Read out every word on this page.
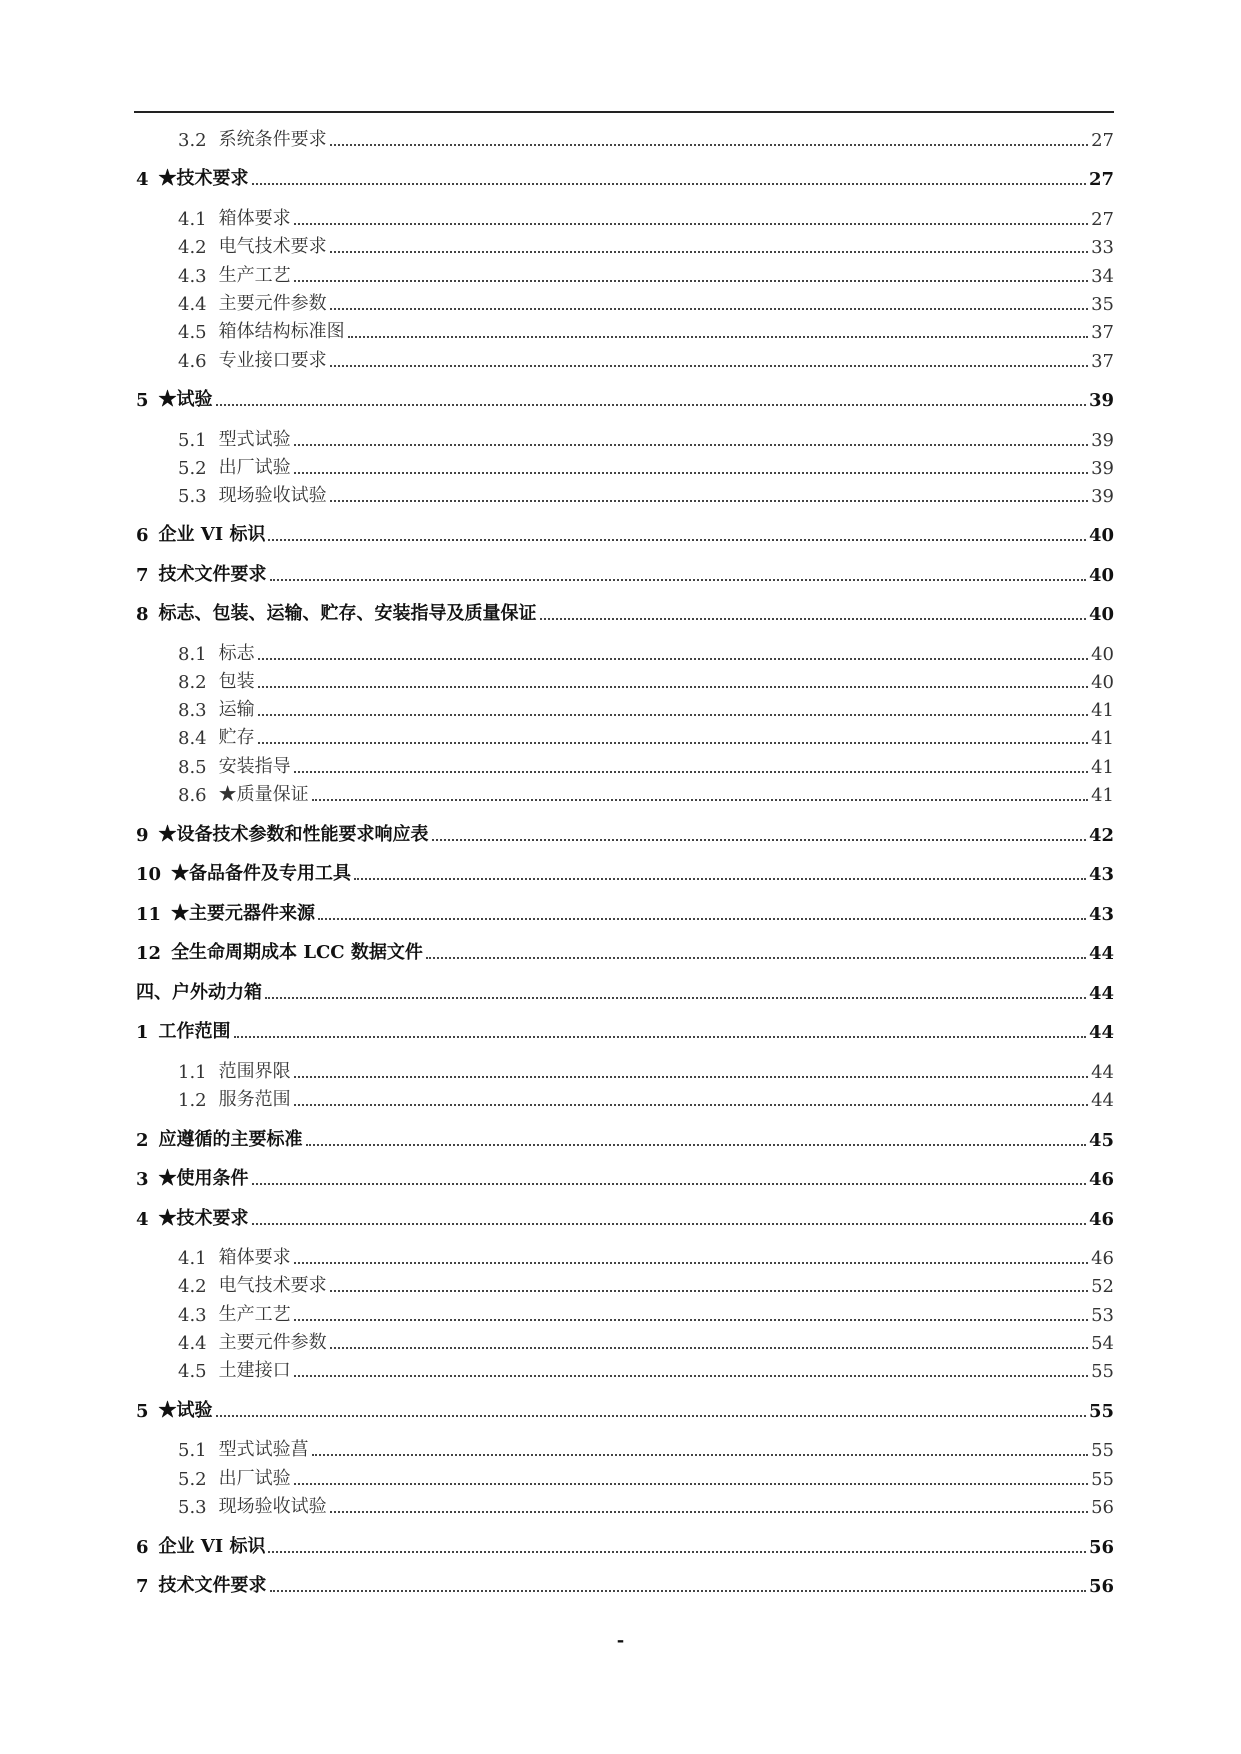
3.2 系统条件要求	27
4 ★技术要求	27
4.1 箱体要求	27
4.2 电气技术要求	33
4.3 生产工艺	34
4.4 主要元件参数	35
4.5 箱体结构标准图	37
4.6 专业接口要求	37
5 ★试验	39
5.1 型式试验	39
5.2 出厂试验	39
5.3 现场验收试验	39
6 企业 VI 标识	40
7 技术文件要求	40
8 标志、包装、运输、贮存、安装指导及质量保证	40
8.1 标志	40
8.2 包装	40
8.3 运输	41
8.4 贮存	41
8.5 安装指导	41
8.6 ★质量保证	41
9 ★设备技术参数和性能要求响应表	42
10 ★备品备件及专用工具	43
11 ★主要元器件来源	43
12 全生命周期成本 LCC 数据文件	44
四、户外动力箱	44
1 工作范围	44
1.1 范围界限	44
1.2 服务范围	44
2 应遵循的主要标准	45
3 ★使用条件	46
4 ★技术要求	46
4.1 箱体要求	46
4.2 电气技术要求	52
4.3 生产工艺	53
4.4 主要元件参数	54
4.5 土建接口	55
5 ★试验	55
5.1 型式试验菖	55
5.2 出厂试验	55
5.3 现场验收试验	56
6 企业 VI 标识	56
7 技术文件要求	56
-
